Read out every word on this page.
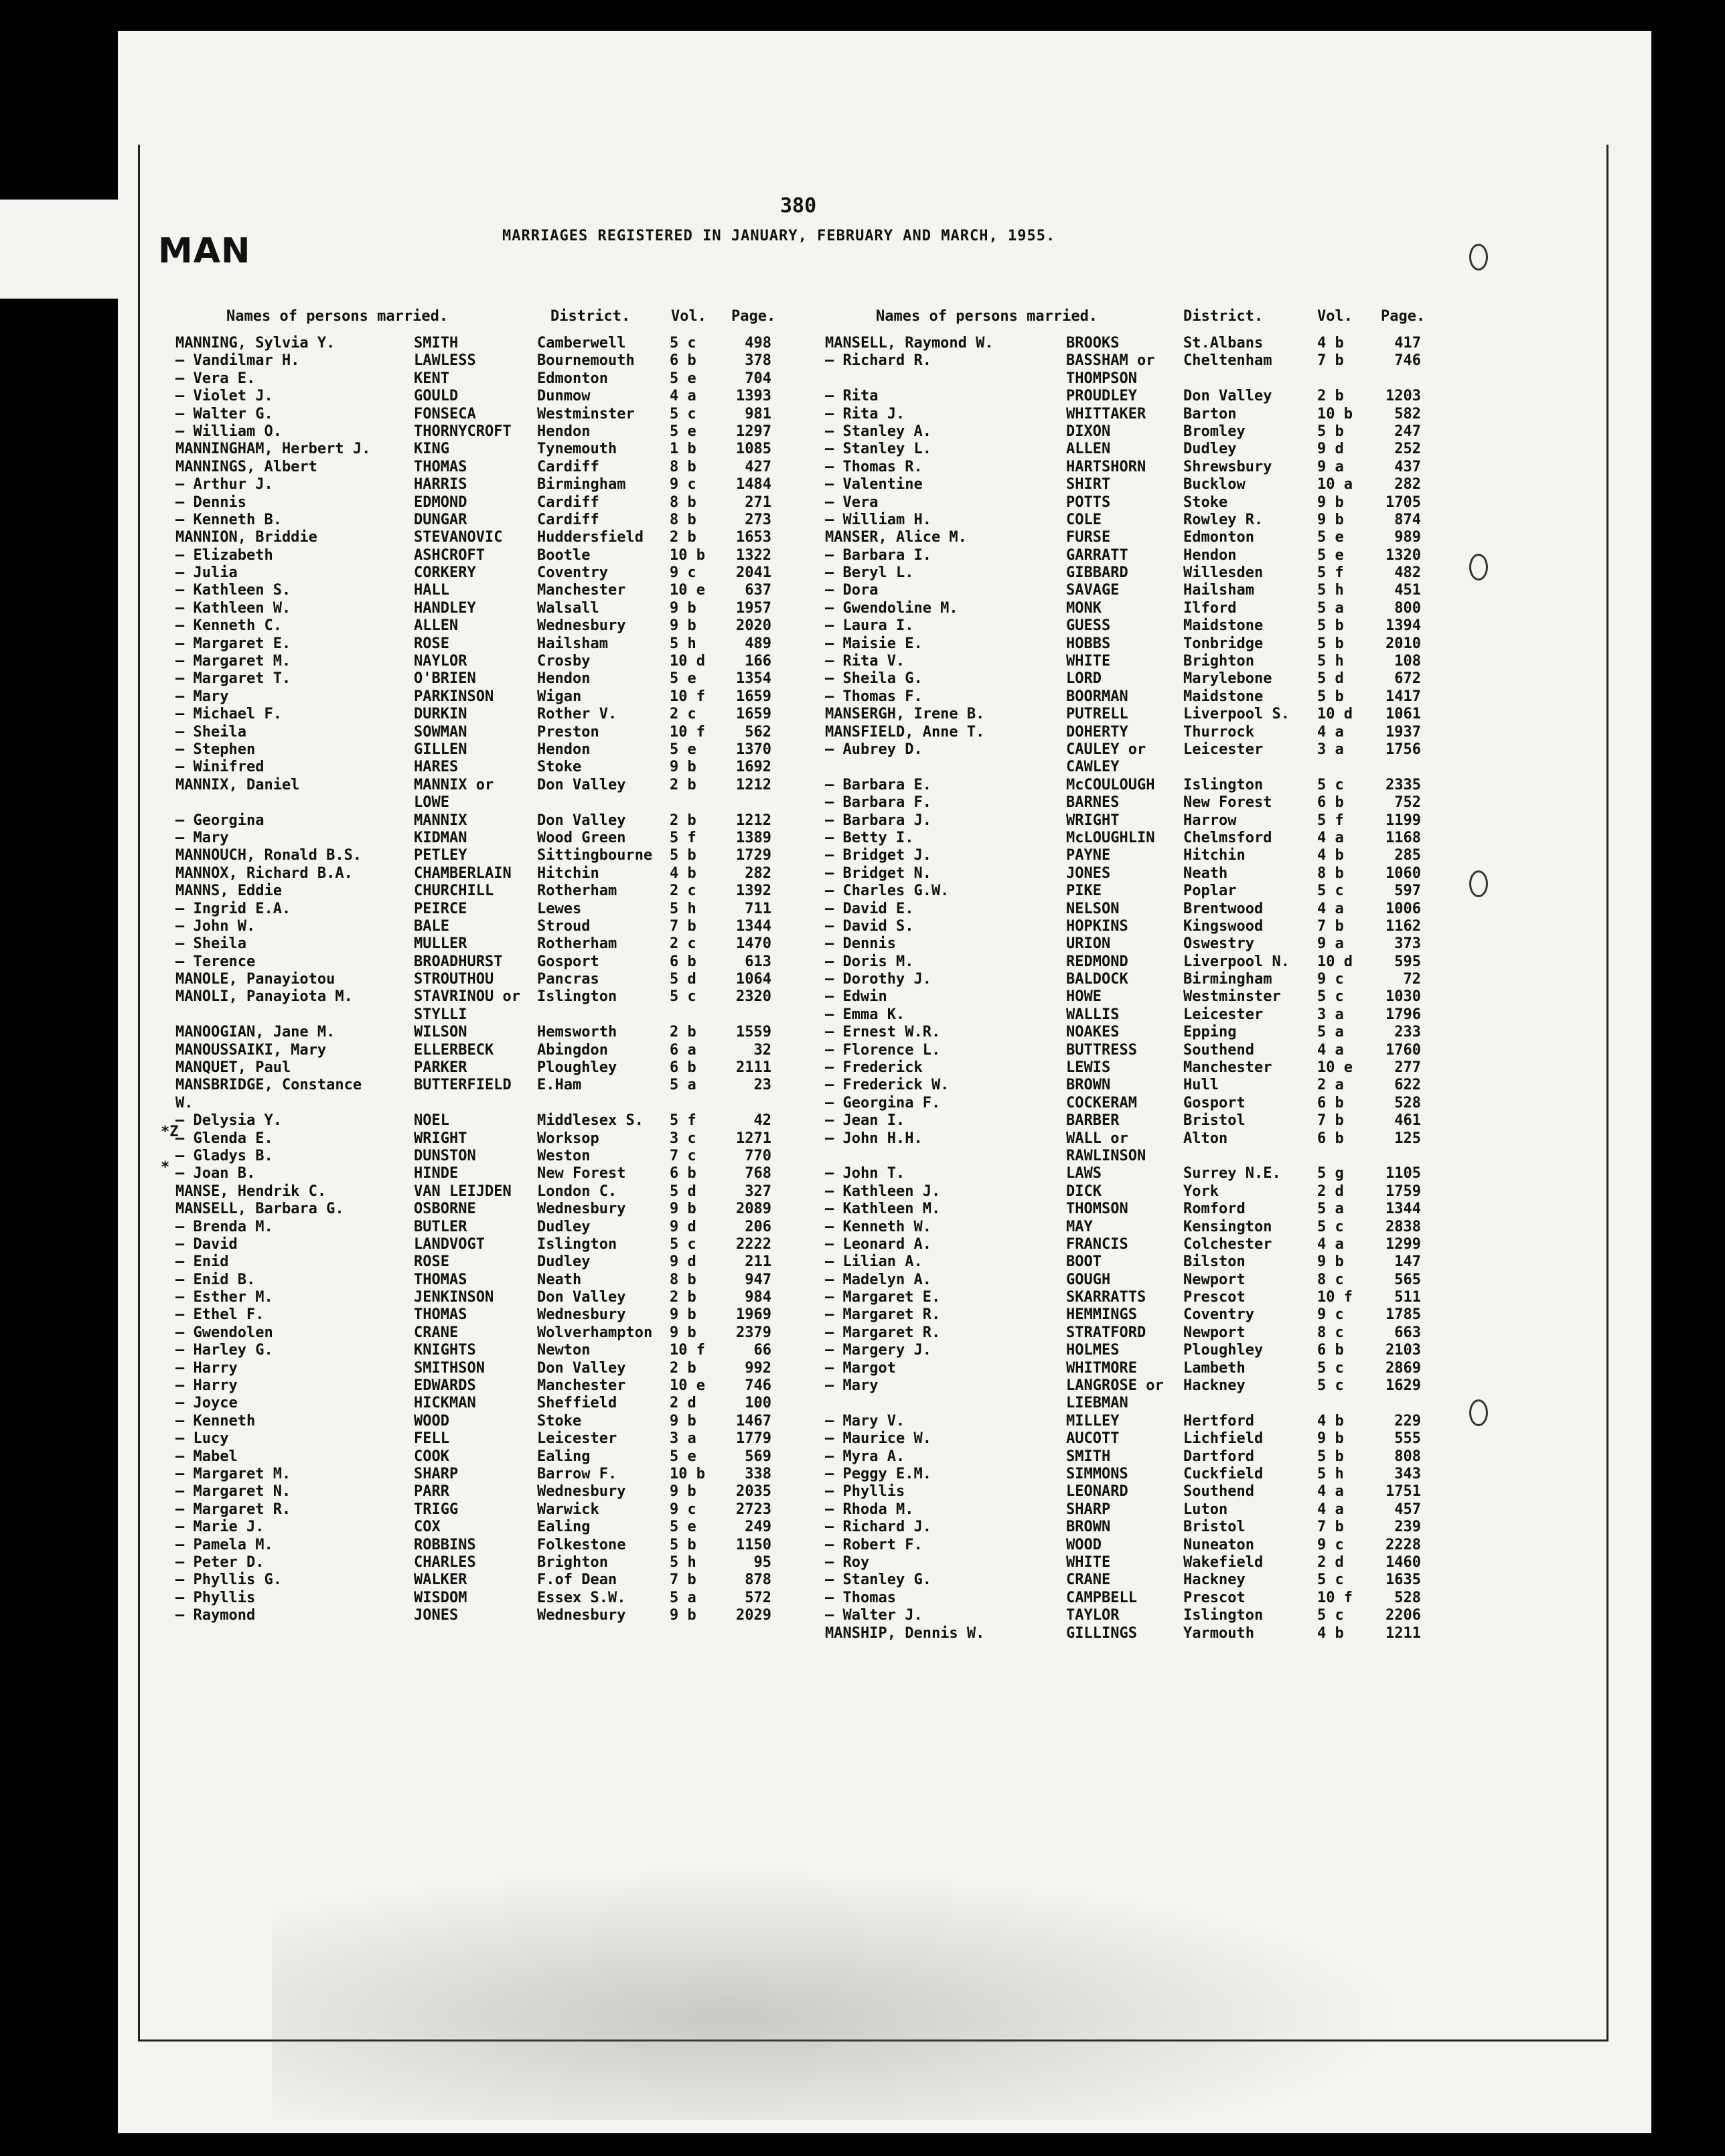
380
MAN	MARRIAGES REGISTERED IN JANUARY, FEBRUARY AND MARCH, 1955.
Names of persons married.	District.	Vol. Page.
MANNING, Sylvia Y.	SMITH	Camberwell	5 c	498
— Vandilmar H.	LAWLESS	Bournemouth 6 b	378
— Vera E.	KENT	Edmonton	5 e	704
— Violet J.	GOULD	Dunmow	4 a	1393
— Walter G.	FONSECA	Westminster 5 c	981
— William O.	THORNYCROFT Hendon	5 e	1297
MANNINGHAM, Herbert J.	KING	Tynemouth	1 b	1085
MANNINGS, Albert	THOMAS	Cardiff	8 b	427
— Arthur J.	HARRIS	Birmingham	9 c	1484
— Dennis	EDMOND	Cardiff	8 b	271
— Kenneth B.	DUNGAR	Cardiff	8 b	273
MANNION, Briddie	STEVANOVIC Huddersfield 2 b	1653
— Elizabeth	ASHCROFT	Bootle	10 b	1322
— Julia	CORKERY	Coventry	9 c	2041
— Kathleen S.	HALL	Manchester	10 e	637
— Kathleen W.	HANDLEY	Walsall	9 b	1957
— Kenneth C.	ALLEN	Wednesbury	9 b	2020
— Margaret E.	ROSE	Hailsham	5 h	489
— Margaret M.	NAYLOR	Crosby	10 d	166
— Margaret T.	O'BRIEN	Hendon	5 e	1354
— Mary	PARKINSON	Wigan	10 f	1659
— Michael F.	DURKIN	Rother V.	2 c	1659
— Sheila	SOWMAN	Preston	10 f	562
— Stephen	GILLEN	Hendon	5 e	1370
— Winifred	HARES	Stoke	9 b	1692
MANNIX, Daniel	MANNIX or	Don Valley	2 b	1212
LOWE
— Georgina	MANNIX	Don Valley	2 b	1212
— Mary	KIDMAN	Wood Green	5 f	1389
MANNOUCH, Ronald B.S.	PETLEY	Sittingbourne 5 b	1729
MANNOX, Richard B.A.	CHAMBERLAIN Hitchin	4 b	282
MANNS, Eddie	CHURCHILL	Rotherham	2 c	1392
— Ingrid E.A.	PEIRCE	Lewes	5 h	711
— John W.	BALE	Stroud	7 b	1344
— Sheila	MULLER	Rotherham	2 c	1470
— Terence	BROADHURST Gosport	6 b	613
MANOLE, Panayiotou	STROUTHOU	Pancras	5 d	1064
MANOLI, Panayiota M.	STAVRINOU or Islington	5 c	2320
STYLLI
MANOOGIAN, Jane M.	WILSON	Hemsworth	2 b	1559
MANOUSSAIKI, Mary	ELLERBECK	Abingdon	6 a	32
MANQUET, Paul	PARKER	Ploughley	6 b	2111
MANSBRIDGE, Constance	BUTTERFIELD E.Ham	5 a	23
W.
— Delysia Y.	NOEL	Middlesex S. 5 f	42
— Glenda E.	WRIGHT	Worksop	3 c	1271
— Gladys B.	DUNSTON	Weston	7 c	770
— Joan B.	HINDE	New Forest	6 b	768
MANSE, Hendrik C.	VAN LEIJDEN London C.	5 d	327
MANSELL, Barbara G.	OSBORNE	Wednesbury	9 b	2089
— Brenda M.	BUTLER	Dudley	9 d	206
— David	LANDVOGT	Islington	5 c	2222
— Enid	ROSE	Dudley	9 d	211
— Enid B.	THOMAS	Neath	8 b	947
— Esther M.	JENKINSON	Don Valley	2 b	984
— Ethel F.	THOMAS	Wednesbury	9 b	1969
— Gwendolen	CRANE	Wolverhampton 9 b	2379
— Harley G.	KNIGHTS	Newton	10 f	66
— Harry	SMITHSON	Don Valley	2 b	992
— Harry	EDWARDS	Manchester	10 e	746
— Joyce	HICKMAN	Sheffield	2 d	100
— Kenneth	WOOD	Stoke	9 b	1467
— Lucy	FELL	Leicester	3 a	1779
— Mabel	COOK	Ealing	5 e	569
— Margaret M.	SHARP	Barrow F.	10 b	338
— Margaret N.	PARR	Wednesbury	9 b	2035
— Margaret R.	TRIGG	Warwick	9 c	2723
— Marie J.	COX	Ealing	5 e	249
— Pamela M.	ROBBINS	Folkestone	5 b	1150
— Peter D.	CHARLES	Brighton	5 h	95
— Phyllis G.	WALKER	F.of Dean	7 b	878
— Phyllis	WISDOM	Essex S.W.	5 a	572
— Raymond	JONES	Wednesbury	9 b	2029
Names of persons married.	District.	Vol. Page.
MANSELL, Raymond W.	BROOKS	St.Albans	4 b	417
— Richard R.	BASSHAM or Cheltenham	7 b	746
THOMPSON
— Rita	PROUDLEY	Don Valley	2 b	1203
— Rita J.	WHITTAKER	Barton	10 b	582
— Stanley A.	DIXON	Bromley	5 b	247
— Stanley L.	ALLEN	Dudley	9 d	252
— Thomas R.	HARTSHORN	Shrewsbury	9 a	437
— Valentine	SHIRT	Bucklow	10 a	282
— Vera	POTTS	Stoke	9 b	1705
— William H.	COLE	Rowley R.	9 b	874
MANSER, Alice M.	FURSE	Edmonton	5 e	989
— Barbara I.	GARRATT	Hendon	5 e	1320
— Beryl L.	GIBBARD	Willesden	5 f	482
— Dora	SAVAGE	Hailsham	5 h	451
— Gwendoline M.	MONK	Ilford	5 a	800
— Laura I.	GUESS	Maidstone	5 b	1394
— Maisie E.	HOBBS	Tonbridge	5 b	2010
— Rita V.	WHITE	Brighton	5 h	108
— Sheila G.	LORD	Marylebone	5 d	672
— Thomas F.	BOORMAN	Maidstone	5 b	1417
MANSERGH, Irene B.	PUTRELL	Liverpool S. 10 d	1061
MANSFIELD, Anne T.	DOHERTY	Thurrock	4 a	1937
— Aubrey D.	CAULEY or	Leicester	3 a	1756
CAWLEY
— Barbara E.	McCOULOUGH Islington	5 c	2335
— Barbara F.	BARNES	New Forest	6 b	752
— Barbara J.	WRIGHT	Harrow	5 f	1199
— Betty I.	McLOUGHLIN Chelmsford	4 a	1168
— Bridget J.	PAYNE	Hitchin	4 b	285
— Bridget N.	JONES	Neath	8 b	1060
— Charles G.W.	PIKE	Poplar	5 c	597
— David E.	NELSON	Brentwood	4 a	1006
— David S.	HOPKINS	Kingswood	7 b	1162
— Dennis	URION	Oswestry	9 a	373
— Doris M.	REDMOND	Liverpool N. 10 d	595
— Dorothy J.	BALDOCK	Birmingham	9 c	72
— Edwin	HOWE	Westminster 5 c	1030
— Emma K.	WALLIS	Leicester	3 a	1796
— Ernest W.R.	NOAKES	Epping	5 a	233
— Florence L.	BUTTRESS	Southend	4 a	1760
— Frederick	LEWIS	Manchester	10 e	277
— Frederick W.	BROWN	Hull	2 a	622
— Georgina F.	COCKERAM	Gosport	6 b	528
— Jean I.	BARBER	Bristol	7 b	461
— John H.H.	WALL or	Alton	6 b	125
RAWLINSON
— John T.	LAWS	Surrey N.E. 5 g	1105
— Kathleen J.	DICK	York	2 d	1759
— Kathleen M.	THOMSON	Romford	5 a	1344
— Kenneth W.	MAY	Kensington	5 c	2838
— Leonard A.	FRANCIS	Colchester	4 a	1299
— Lilian A.	BOOT	Bilston	9 b	147
— Madelyn A.	GOUGH	Newport	8 c	565
— Margaret E.	SKARRATTS	Prescot	10 f	511
— Margaret R.	HEMMINGS	Coventry	9 c	1785
— Margaret R.	STRATFORD	Newport	8 c	663
— Margery J.	HOLMES	Ploughley	6 b	2103
— Margot	WHITMORE	Lambeth	5 c	2869
— Mary	LANGROSE or Hackney	5 c	1629
LIEBMAN
— Mary V.	MILLEY	Hertford	4 b	229
— Maurice W.	AUCOTT	Lichfield	9 b	555
— Myra A.	SMITH	Dartford	5 b	808
— Peggy E.M.	SIMMONS	Cuckfield	5 h	343
— Phyllis	LEONARD	Southend	4 a	1751
— Rhoda M.	SHARP	Luton	4 a	457
— Richard J.	BROWN	Bristol	7 b	239
— Robert F.	WOOD	Nuneaton	9 c	2228
— Roy	WHITE	Wakefield	2 d	1460
— Stanley G.	CRANE	Hackney	5 c	1635
— Thomas	CAMPBELL	Prescot	10 f	528
— Walter J.	TAYLOR	Islington	5 c	2206
MANSHIP, Dennis W.	GILLINGS	Yarmouth	4 b	1211
*Z
*
